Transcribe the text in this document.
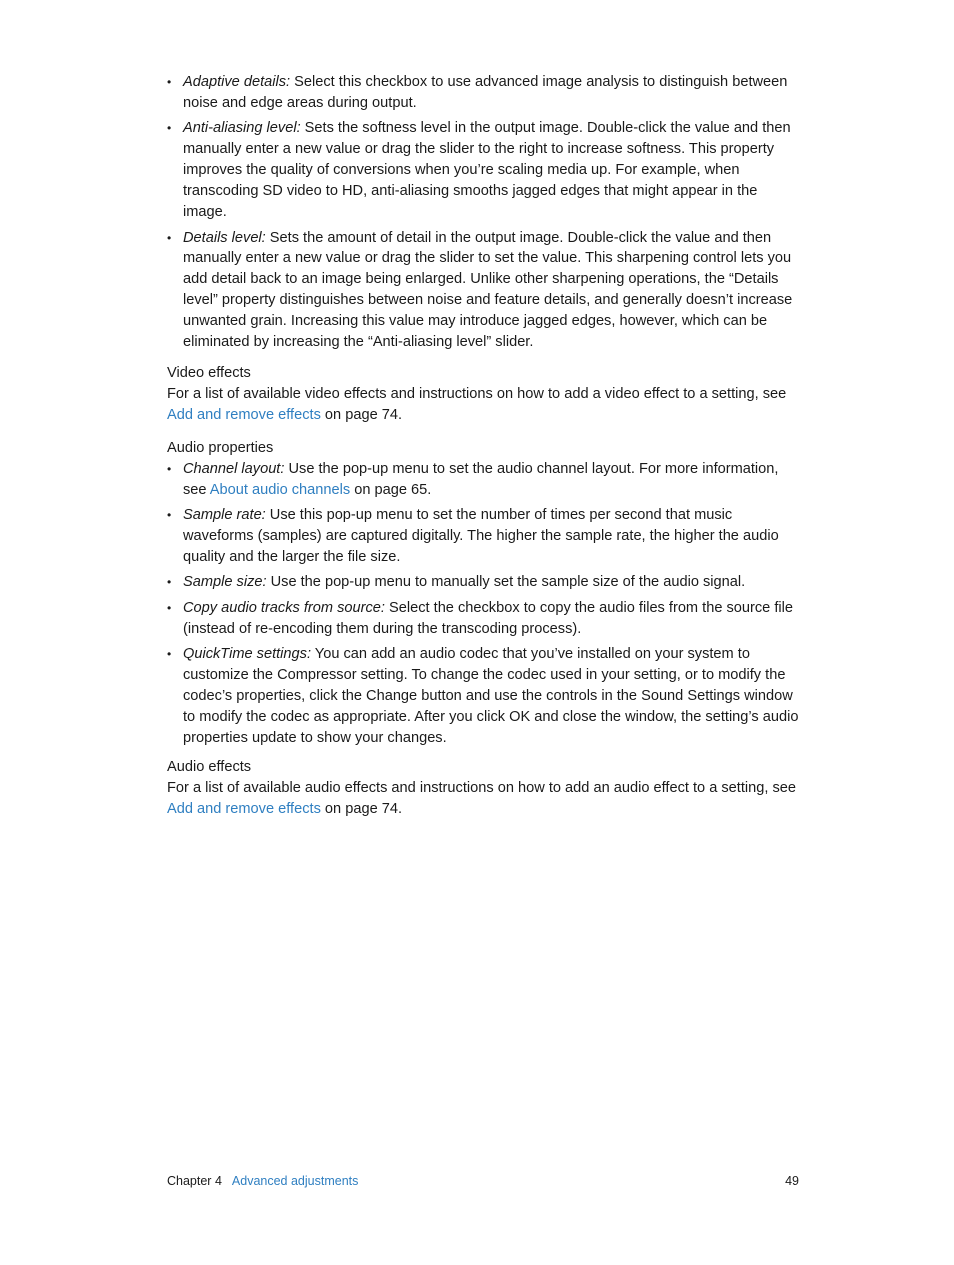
• Adaptive details: Select this checkbox to use advanced image analysis to distinguish between noise and edge areas during output.
• Anti-aliasing level: Sets the softness level in the output image. Double-click the value and then manually enter a new value or drag the slider to the right to increase softness. This property improves the quality of conversions when you’re scaling media up. For example, when transcoding SD video to HD, anti-aliasing smooths jagged edges that might appear in the image.
• Details level: Sets the amount of detail in the output image. Double-click the value and then manually enter a new value or drag the slider to set the value. This sharpening control lets you add detail back to an image being enlarged. Unlike other sharpening operations, the “Details level” property distinguishes between noise and feature details, and generally doesn’t increase unwanted grain. Increasing this value may introduce jagged edges, however, which can be eliminated by increasing the “Anti-aliasing level” slider.
Video effects
For a list of available video effects and instructions on how to add a video effect to a setting, see Add and remove effects on page 74.
Audio properties
• Channel layout: Use the pop-up menu to set the audio channel layout. For more information, see About audio channels on page 65.
• Sample rate: Use this pop-up menu to set the number of times per second that music waveforms (samples) are captured digitally. The higher the sample rate, the higher the audio quality and the larger the file size.
• Sample size: Use the pop-up menu to manually set the sample size of the audio signal.
• Copy audio tracks from source: Select the checkbox to copy the audio files from the source file (instead of re-encoding them during the transcoding process).
• QuickTime settings: You can add an audio codec that you’ve installed on your system to customize the Compressor setting. To change the codec used in your setting, or to modify the codec’s properties, click the Change button and use the controls in the Sound Settings window to modify the codec as appropriate. After you click OK and close the window, the setting’s audio properties update to show your changes.
Audio effects
For a list of available audio effects and instructions on how to add an audio effect to a setting, see Add and remove effects on page 74.
Chapter 4 Advanced adjustments	49
